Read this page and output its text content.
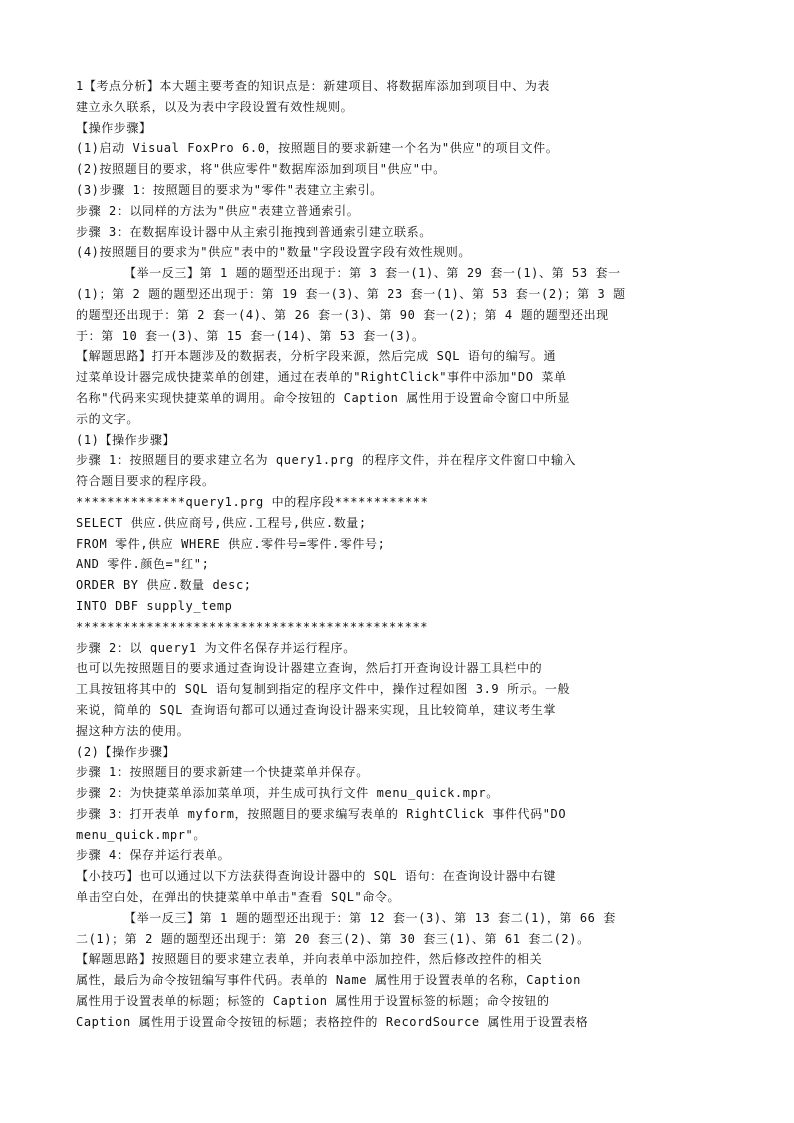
1【考点分析】本大题主要考查的知识点是：新建项目、将数据库添加到项目中、为表
建立永久联系，以及为表中字段设置有效性规则。
【操作步骤】
(1)启动 Visual FoxPro 6.0，按照题目的要求新建一个名为"供应"的项目文件。
(2)按照题目的要求，将"供应零件"数据库添加到项目"供应"中。
(3)步骤 1：按照题目的要求为"零件"表建立主索引。
步骤 2：以同样的方法为"供应"表建立普通索引。
步骤 3：在数据库设计器中从主索引拖拽到普通索引建立联系。
(4)按照题目的要求为"供应"表中的"数量"字段设置字段有效性规则。
【举一反三】第 1 题的题型还出现于：第 3 套一(1)、第 29 套一(1)、第 53 套一
(1)；第 2 题的题型还出现于：第 19 套一(3)、第 23 套一(1)、第 53 套一(2)；第 3 题
的题型还出现于：第 2 套一(4)、第 26 套一(3)、第 90 套一(2)；第 4 题的题型还出现
于：第 10 套一(3)、第 15 套一(14)、第 53 套一(3)。
【解题思路】打开本题涉及的数据表，分析字段来源，然后完成 SQL 语句的编写。通
过菜单设计器完成快捷菜单的创建，通过在表单的"RightClick"事件中添加"DO 菜单
名称"代码来实现快捷菜单的调用。命令按钮的 Caption 属性用于设置命令窗口中所显
示的文字。
(1)【操作步骤】
步骤 1：按照题目的要求建立名为 query1.prg 的程序文件，并在程序文件窗口中输入
符合题目要求的程序段。
**************query1.prg 中的程序段************
SELECT 供应.供应商号,供应.工程号,供应.数量;
FROM 零件,供应 WHERE 供应.零件号=零件.零件号;
AND 零件.颜色="红";
ORDER BY 供应.数量 desc;
INTO DBF supply_temp
*********************************************
步骤 2：以 query1 为文件名保存并运行程序。
也可以先按照题目的要求通过查询设计器建立查询，然后打开查询设计器工具栏中的
工具按钮将其中的 SQL 语句复制到指定的程序文件中，操作过程如图 3.9 所示。一般
来说，简单的 SQL 查询语句都可以通过查询设计器来实现，且比较简单，建议考生掌
握这种方法的使用。
(2)【操作步骤】
步骤 1：按照题目的要求新建一个快捷菜单并保存。
步骤 2：为快捷菜单添加菜单项，并生成可执行文件 menu_quick.mpr。
步骤 3：打开表单 myform，按照题目的要求编写表单的 RightClick 事件代码"DO
menu_quick.mpr"。
步骤 4：保存并运行表单。
【小技巧】也可以通过以下方法获得查询设计器中的 SQL 语句：在查询设计器中右键
单击空白处，在弹出的快捷菜单中单击"查看 SQL"命令。
【举一反三】第 1 题的题型还出现于：第 12 套一(3)、第 13 套二(1)，第 66 套
二(1)；第 2 题的题型还出现于：第 20 套三(2)、第 30 套三(1)、第 61 套二(2)。
【解题思路】按照题目的要求建立表单，并向表单中添加控件，然后修改控件的相关
属性，最后为命令按钮编写事件代码。表单的 Name 属性用于设置表单的名称，Caption
属性用于设置表单的标题；标签的 Caption 属性用于设置标签的标题；命令按钮的
Caption 属性用于设置命令按钮的标题；表格控件的 RecordSource 属性用于设置表格
